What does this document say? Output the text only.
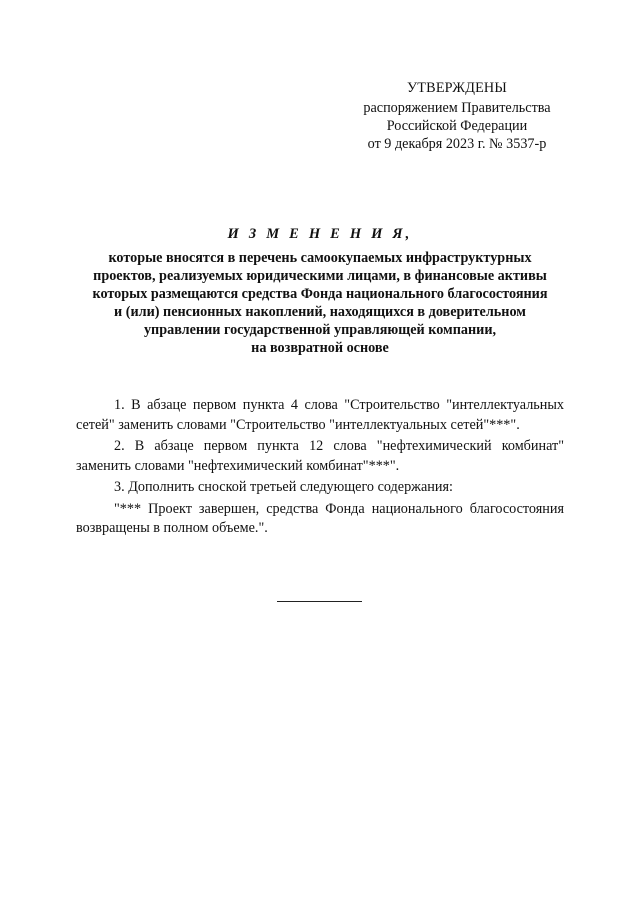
УТВЕРЖДЕНЫ
распоряжением Правительства
Российской Федерации
от 9 декабря 2023 г. № 3537-р
И З М Е Н Е Н И Я,
которые вносятся в перечень самоокупаемых инфраструктурных
проектов, реализуемых юридическими лицами, в финансовые активы
которых размещаются средства Фонда национального благосостояния
и (или) пенсионных накоплений, находящихся в доверительном
управлении государственной управляющей компании,
на возвратной основе

1. В абзаце первом пункта 4 слова "Строительство "интеллектуальных сетей" заменить словами "Строительство "интеллектуальных сетей"***".

2. В абзаце первом пункта 12 слова "нефтехимический комбинат" заменить словами "нефтехимический комбинат"***".

3. Дополнить сноской третьей следующего содержания:

"*** Проект завершен, средства Фонда национального благосостояния возвращены в полном объеме.".
